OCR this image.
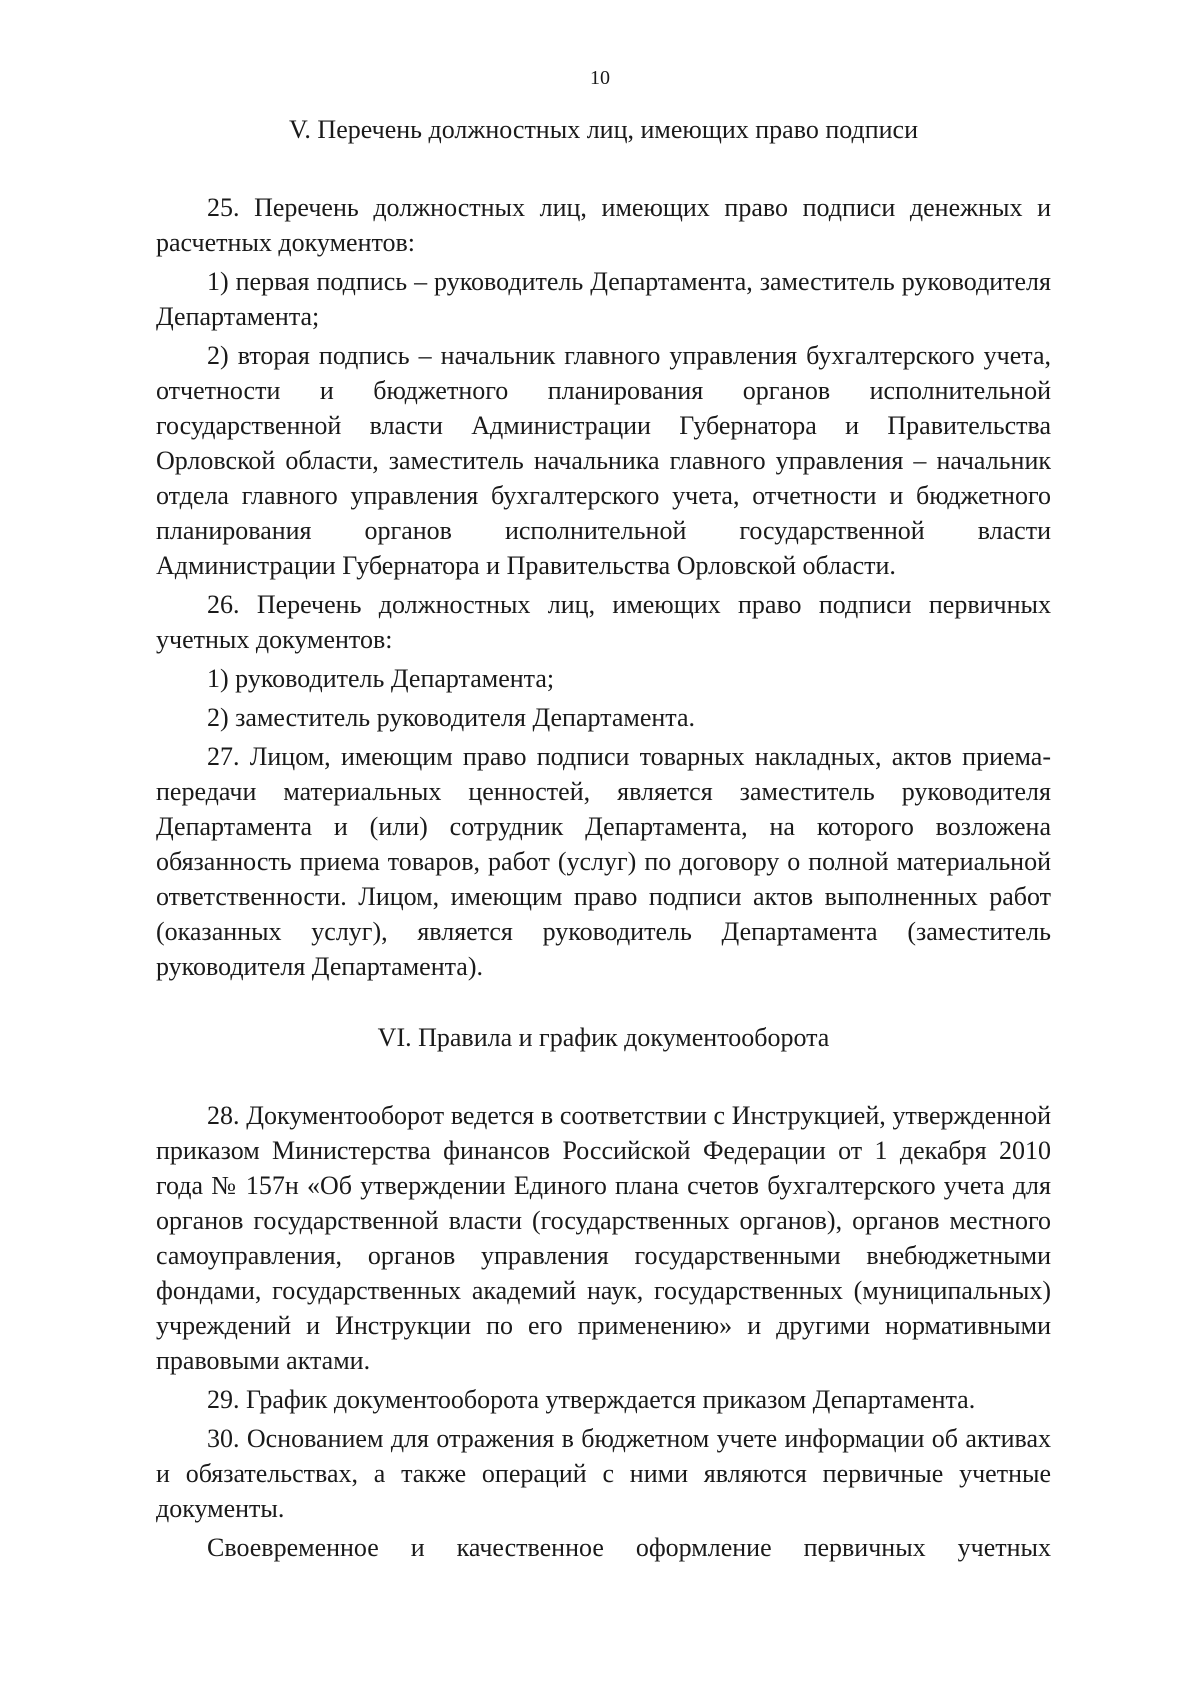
10

V. Перечень должностных лиц, имеющих право подписи

25. Перечень должностных лиц, имеющих право подписи денежных и расчетных документов:

1) первая подпись – руководитель Департамента, заместитель руководителя Департамента;

2) вторая подпись – начальник главного управления бухгалтерского учета, отчетности и бюджетного планирования органов исполнительной государственной власти Администрации Губернатора и Правительства Орловской области, заместитель начальника главного управления – начальник отдела главного управления бухгалтерского учета, отчетности и бюджетного планирования органов исполнительной государственной власти Администрации Губернатора и Правительства Орловской области.

26. Перечень должностных лиц, имеющих право подписи первичных учетных документов:

1) руководитель Департамента;

2) заместитель руководителя Департамента.

27. Лицом, имеющим право подписи товарных накладных, актов приема-передачи материальных ценностей, является заместитель руководителя Департамента и (или) сотрудник Департамента, на которого возложена обязанность приема товаров, работ (услуг) по договору о полной материальной ответственности. Лицом, имеющим право подписи актов выполненных работ (оказанных услуг), является руководитель Департамента (заместитель руководителя Департамента).

VI. Правила и график документооборота

28. Документооборот ведется в соответствии с Инструкцией, утвержденной приказом Министерства финансов Российской Федерации от 1 декабря 2010 года № 157н «Об утверждении Единого плана счетов бухгалтерского учета для органов государственной власти (государственных органов), органов местного самоуправления, органов управления государственными внебюджетными фондами, государственных академий наук, государственных (муниципальных) учреждений и Инструкции по его применению» и другими нормативными правовыми актами.

29. График документооборота утверждается приказом Департамента.

30. Основанием для отражения в бюджетном учете информации об активах и обязательствах, а также операций с ними являются первичные учетные документы.

Своевременное и качественное оформление первичных учетных
